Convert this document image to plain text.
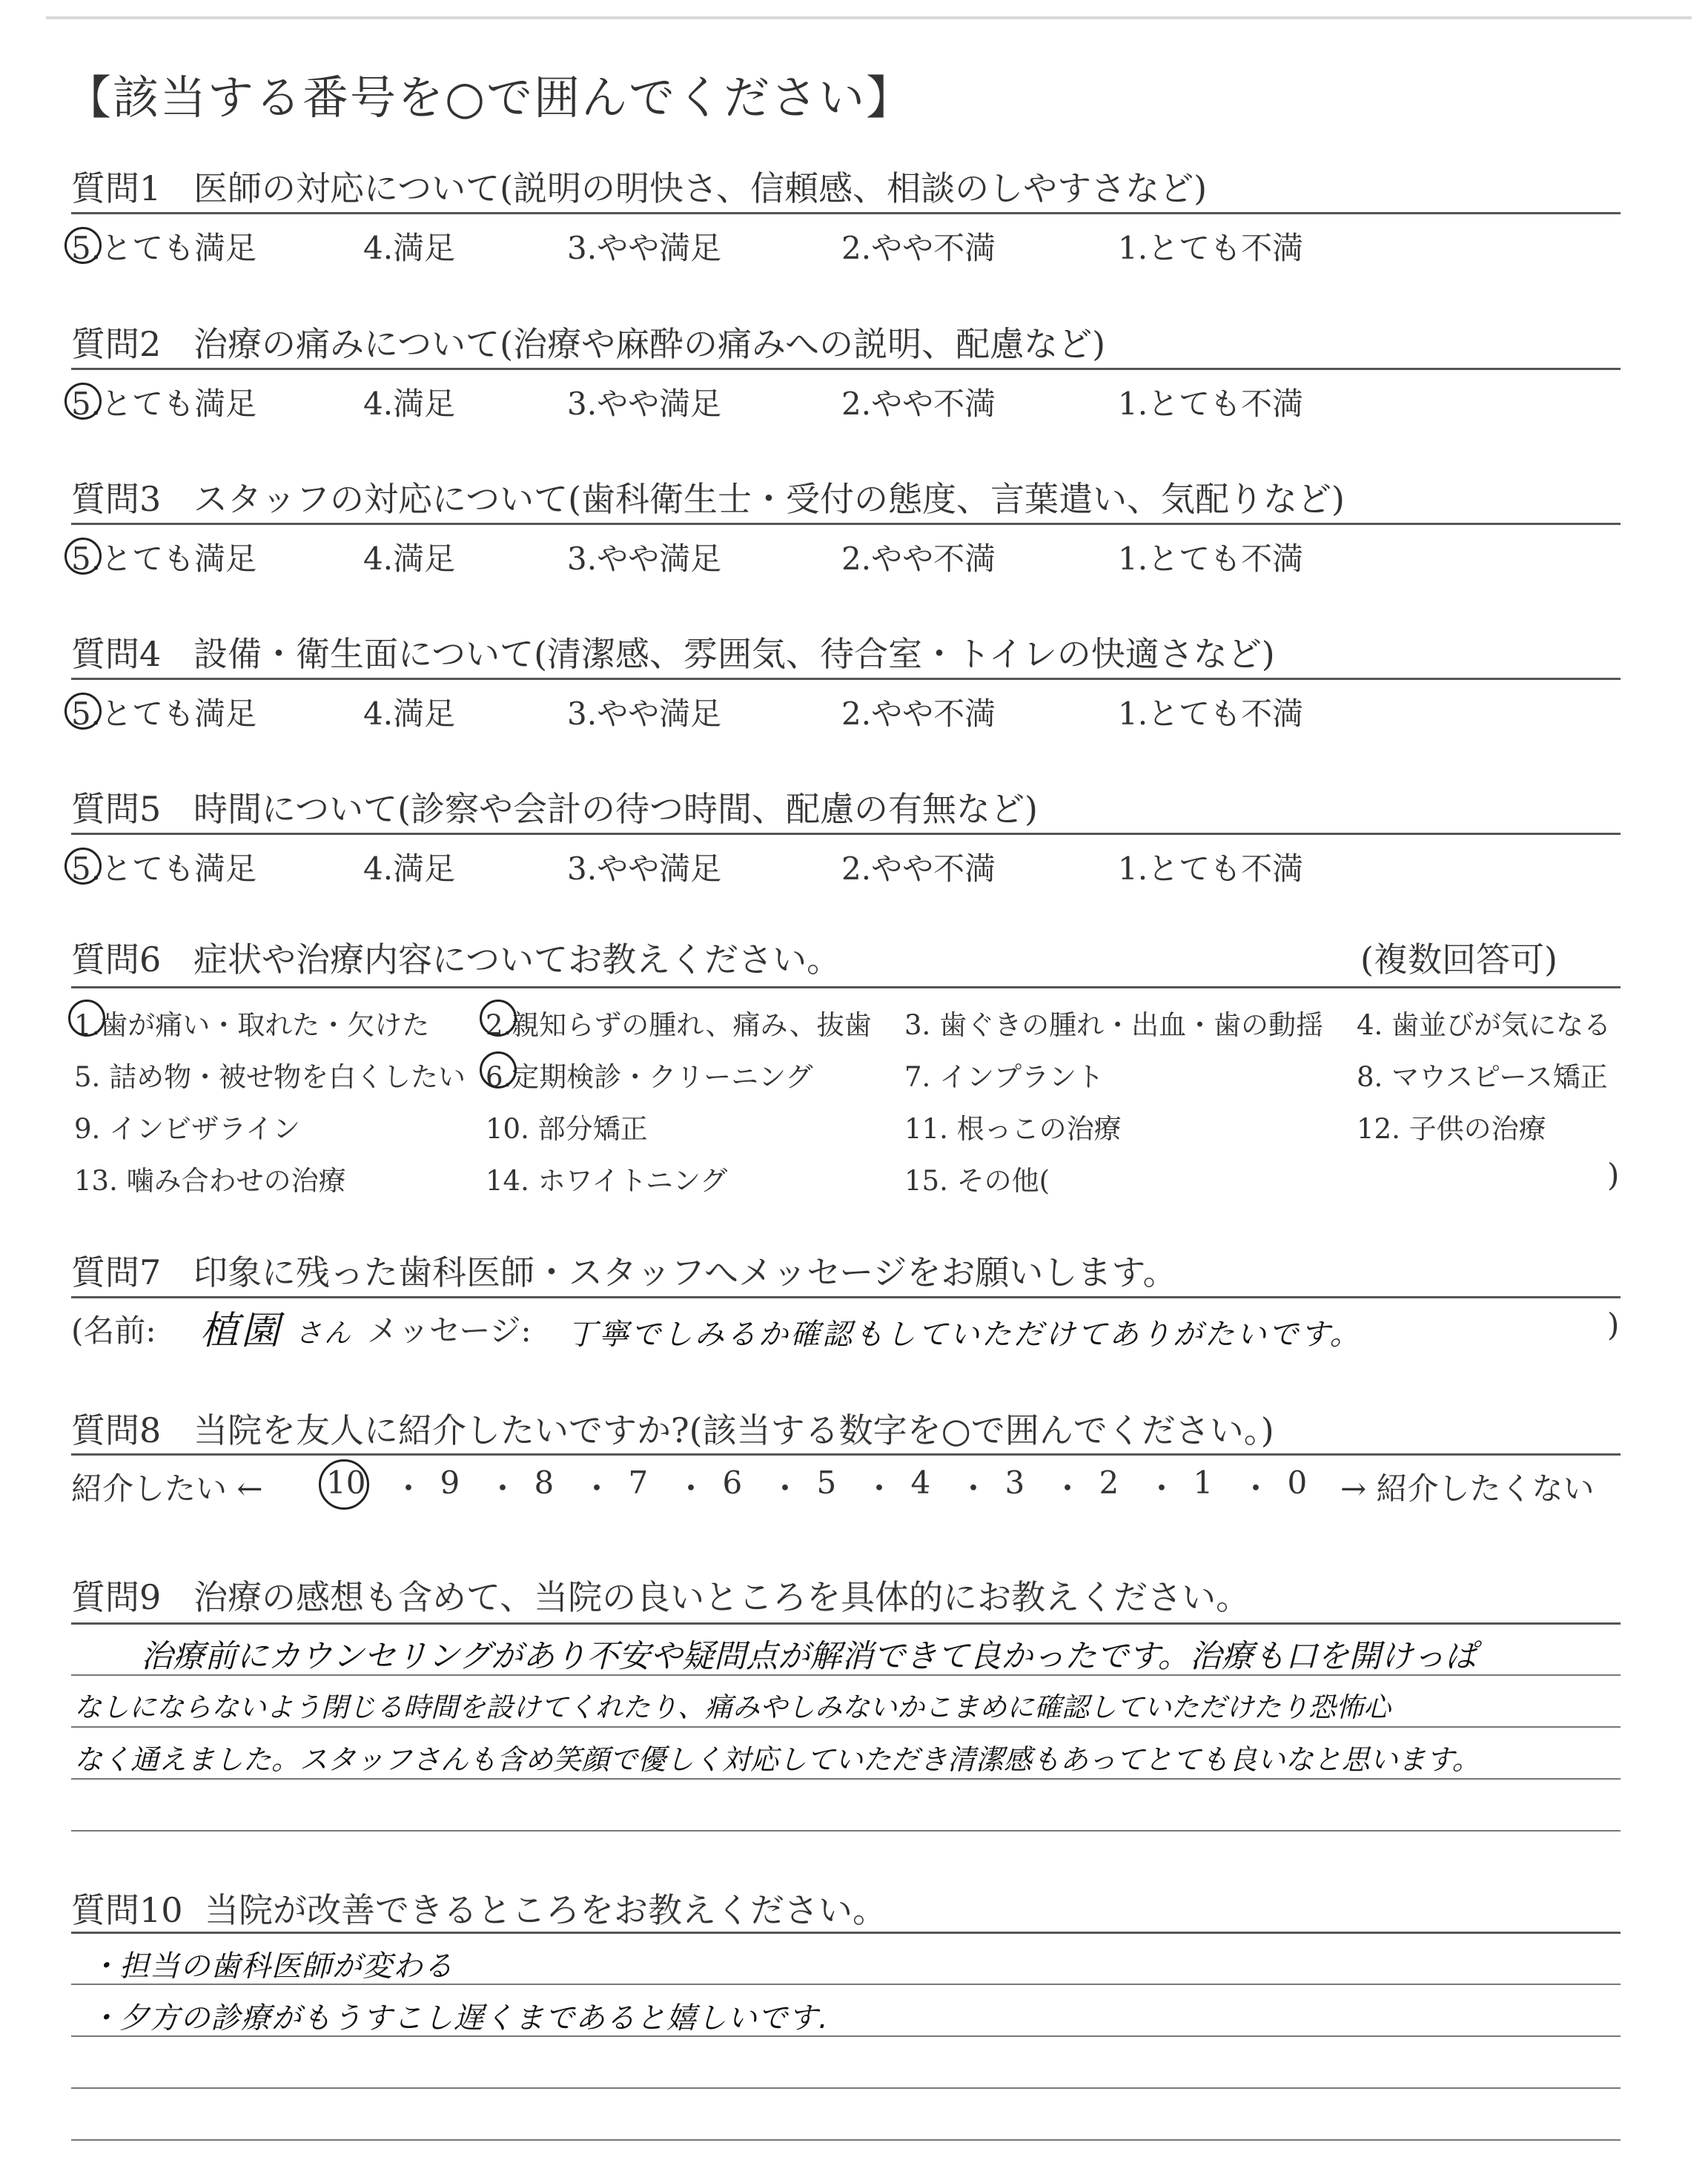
【該当する番号を○で囲んでください】
質問1 医師の対応について(説明の明快さ、信頼感、相談のしやすさなど)
5.とても満足	4.満足	3.やや満足	2.やや不満	1.とても不満
質問2 治療の痛みについて(治療や麻酔の痛みへの説明、配慮など)
5.とても満足	4.満足	3.やや満足	2.やや不満	1.とても不満
質問3 スタッフの対応について(歯科衛生士・受付の態度、言葉遣い、気配りなど)
5.とても満足	4.満足	3.やや満足	2.やや不満	1.とても不満
質問4 設備・衛生面について(清潔感、雰囲気、待合室・トイレの快適さなど)
5.とても満足	4.満足	3.やや満足	2.やや不満	1.とても不満
質問5 時間について(診察や会計の待つ時間、配慮の有無など)
5.とても満足	4.満足	3.やや満足	2.やや不満	1.とても不満
質問6 症状や治療内容についてお教えください。	(複数回答可)
1.歯が痛い・取れた・欠けた 2.親知らずの腫れ、痛み、抜歯 3. 歯ぐきの腫れ・出血・歯の動揺 4. 歯並びが気になる
5. 詰め物・被せ物を白くしたい 6.定期検診・クリーニング	7. インプラント	8. マウスピース矯正
9. インビザライン	10. 部分矯正	11. 根っこの治療	12. 子供の治療
13. 噛み合わせの治療	14. ホワイトニング	15. その他(	)
質問7 印象に残った歯科医師・スタッフへメッセージをお願いします。
(名前: 植園 さん メッセージ: 丁寧でしみるか確認もしていただけてありがたいです。	)
質問8 当院を友人に紹介したいですか?(該当する数字を○で囲んでください。)
紹介したい ← 10 ・ 9 ・ 8 ・ 7 ・ 6 ・ 5 ・ 4 ・ 3 ・ 2 ・ 1 ・ 0 → 紹介したくない
質問9 治療の感想も含めて、当院の良いところを具体的にお教えください。
治療前にカウンセリングがあり不安や疑問点が解消できて良かったです。治療も口を開けっぱ
なしにならないよう閉じる時間を設けてくれたり、痛みやしみないかこまめに確認していただけたり恐怖心
なく通えました。スタッフさんも含め笑顔で優しく対応していただき清潔感もあってとても良いなと思います。
質問10 当院が改善できるところをお教えください。
・担当の歯科医師が変わる
・夕方の診療がもうすこし遅くまであると嬉しいです.
